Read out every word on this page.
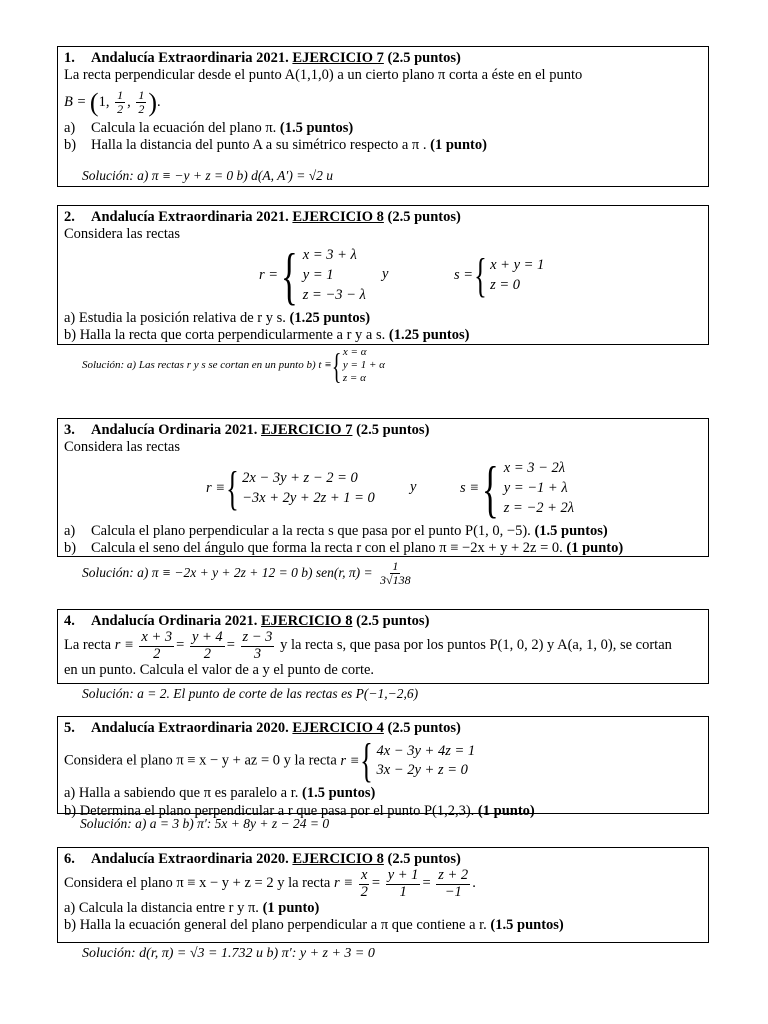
1. Andalucía Extraordinaria 2021. EJERCICIO 7 (2.5 puntos)
La recta perpendicular desde el punto A(1,1,0) a un cierto plano π corta a éste en el punto
B = (1, $\frac{1}{2}$ , $\frac{1}{2}$ ).
a)	Calcula la ecuación del plano π.
(1.5 puntos)
b)	Halla la distancia del punto A a su simétrico respecto a π .
(1 punto)
Solución: a) π ≡ −y + z = 0 b) d(A, A′) = √2 u
2. Andalucía Extraordinaria 2021. EJERCICIO 8 (2.5 puntos)
Considera las rectas
r = { x = 3 + λ
y = 1
z = −3 − λ
y	s = { x + y = 1
z = 0
a) Estudia la posición relativa de r y s. (1.25 puntos)
b) Halla la recta que corta perpendicularmente a r y a s. (1.25 puntos)
Solución: a) Las rectas r y s se cortan en un punto b) t ≡ { x = α
y = 1 + α
z = α
3. Andalucía Ordinaria 2021. EJERCICIO 7 (2.5 puntos)
Considera las rectas
r ≡ { 2x − 3y + z − 2 = 0
−3x + 2y + 2z + 1 = 0
y	s ≡ { x = 3 − 2λ
y = −1 + λ
z = −2 + 2λ
a)	Calcula el plano perpendicular a la recta s que pasa por el punto P(1, 0, −5).
(1.5 puntos)
b)	Calcula el seno del ángulo que forma la recta r con el plano π ≡ −2x + y + 2z = 0.
(1 punto)
Solución: a) π ≡ −2x + y + 2z + 12 = 0 b) sen(r, $\pi) = \frac{1}{3√138}$
4. Andalucía Ordinaria 2021. EJERCICIO 8 (2.5 puntos)
La recta $r \equiv \frac{x + 3}{2} = \frac{y + 4}{2} = \frac{z - 3}{3}$ y la recta s, que pasa por los puntos P(1, 0, 2) y A(a, 1, 0), se cortan
en un punto. Calcula el valor de a y el punto de corte.
Solución: a = 2. El punto de corte de las rectas es P(−1,−2,6)
5. Andalucía Extraordinaria 2020. EJERCICIO 4 (2.5 puntos)
Considera el plano π ≡ x − y + az = 0 y la recta r ≡ { 4x − 3y + 4z = 1
3x − 2y + z = 0
a) Halla a sabiendo que π es paralelo a r. (1.5 puntos)
b) Determina el plano perpendicular a r que pasa por el punto P(1,2,3). (1 punto)
Solución: a) a = 3 b) π′: 5x + 8y + z − 24 = 0
6. Andalucía Extraordinaria 2020. EJERCICIO 8 (2.5 puntos)
Considera el plano π ≡ x − y + z = 2 y la recta $r \equiv \frac{x}{2} = \frac{y + 1}{1} = \frac{z + 2}{-1}$ .
a) Calcula la distancia entre r y π. (1 punto)
b) Halla la ecuación general del plano perpendicular a π que contiene a r. (1.5 puntos)
Solución: d(r, π) = √3 = 1.732 u b) π′: y + z + 3 = 0
